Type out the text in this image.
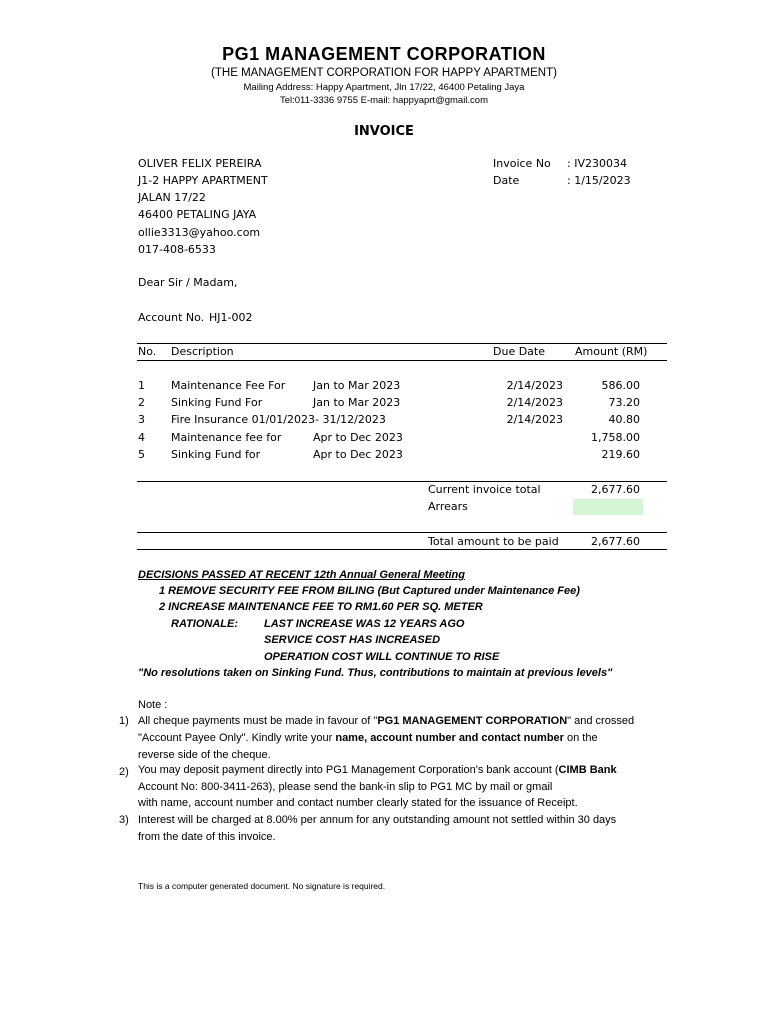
PG1 MANAGEMENT CORPORATION
(THE MANAGEMENT CORPORATION FOR HAPPY APARTMENT)
Mailing Address: Happy Apartment, Jln 17/22, 46400 Petaling Jaya
Tel:011-3336 9755 E-mail: happyaprt@gmail.com
INVOICE
OLIVER FELIX PEREIRA
J1-2 HAPPY APARTMENT
JALAN 17/22
46400 PETALING JAYA
ollie3313@yahoo.com
017-408-6533
Invoice No : IV230034
Date	: 1/15/2023
Dear Sir / Madam,
Account No. HJ1-002
No. Description	Due Date	Amount (RM)
1 Maintenance Fee For	Jan to Mar 2023	2/14/2023	586.00
2 Sinking Fund For	Jan to Mar 2023	2/14/2023	73.20
3 Fire Insurance 01/01/2023- 31/12/2023	2/14/2023	40.80
4 Maintenance fee for	Apr to Dec 2023	1,758.00
5 Sinking Fund for	Apr to Dec 2023	219.60
Current invoice total	2,677.60
Arrears
Total amount to be paid	2,677.60
DECISIONS PASSED AT RECENT 12th Annual General Meeting
1 REMOVE SECURITY FEE FROM BILING (But Captured under Maintenance Fee)
2 INCREASE MAINTENANCE FEE TO RM1.60 PER SQ. METER
RATIONALE: LAST INCREASE WAS 12 YEARS AGO
SERVICE COST HAS INCREASED
OPERATION COST WILL CONTINUE TO RISE
"No resolutions taken on Sinking Fund. Thus, contributions to maintain at previous levels"
Note :
1) All cheque payments must be made in favour of "PG1 MANAGEMENT CORPORATION" and crossed
"Account Payee Only". Kindly write your name, account number and contact number on the
reverse side of the cheque.
2) You may deposit payment directly into PG1 Management Corporation's bank account (CIMB Bank
Account No: 800-3411-263), please send the bank-in slip to PG1 MC by mail or gmail
with name, account number and contact number clearly stated for the issuance of Receipt.
3) Interest will be charged at 8.00% per annum for any outstanding amount not settled within 30 days
from the date of this invoice.
This is a computer generated document. No signature is required.
